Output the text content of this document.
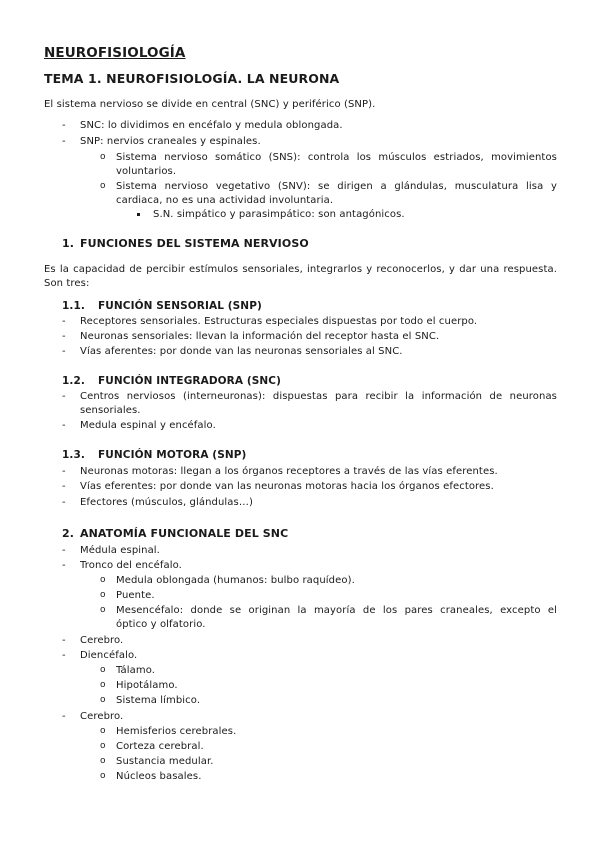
NEUROFISIOLOGÍA
TEMA 1. NEUROFISIOLOGÍA. LA NEURONA
El sistema nervioso se divide en central (SNC) y periférico (SNP).
- SNC: lo dividimos en encéfalo y medula oblongada.
- SNP: nervios craneales y espinales.
o Sistema nervioso somático (SNS): controla los músculos estriados, movimientos
voluntarios.
o Sistema nervioso vegetativo (SNV): se dirigen a glándulas, musculatura lisa y
cardiaca, no es una actividad involuntaria.
S.N. simpático y parasimpático: son antagónicos.
1. FUNCIONES DEL SISTEMA NERVIOSO
Es la capacidad de percibir estímulos sensoriales, integrarlos y reconocerlos, y dar una respuesta.
Son tres:
1.1. FUNCIÓN SENSORIAL (SNP)
- Receptores sensoriales. Estructuras especiales dispuestas por todo el cuerpo.
- Neuronas sensoriales: llevan la información del receptor hasta el SNC.
- Vías aferentes: por donde van las neuronas sensoriales al SNC.
1.2. FUNCIÓN INTEGRADORA (SNC)
- Centros nerviosos (interneuronas): dispuestas para recibir la información de neuronas
sensoriales.
- Medula espinal y encéfalo.
1.3. FUNCIÓN MOTORA (SNP)
- Neuronas motoras: llegan a los órganos receptores a través de las vías eferentes.
- Vías eferentes: por donde van las neuronas motoras hacia los órganos efectores.
- Efectores (músculos, glándulas…)
2. ANATOMÍA FUNCIONALE DEL SNC
- Médula espinal.
- Tronco del encéfalo.
o Medula oblongada (humanos: bulbo raquídeo).
o Puente.
o Mesencéfalo: donde se originan la mayoría de los pares craneales, excepto el
óptico y olfatorio.
- Cerebro.
- Diencéfalo.
o Tálamo.
o Hipotálamo.
o Sistema límbico.
- Cerebro.
o Hemisferios cerebrales.
o Corteza cerebral.
o Sustancia medular.
o Núcleos basales.
